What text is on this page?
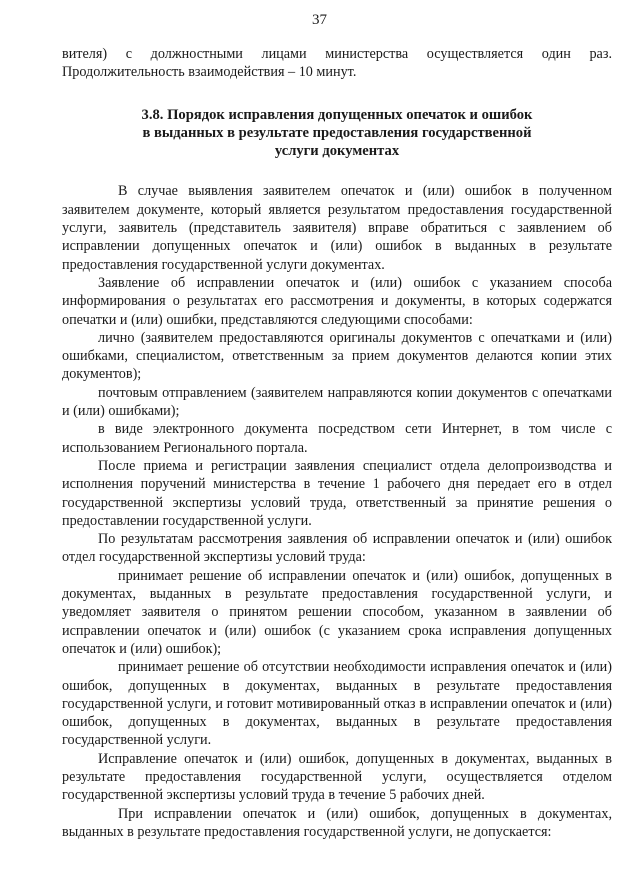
37

вителя) с должностными лицами министерства осуществляется один раз. Продолжительность взаимодействия – 10 минут.

3.8. Порядок исправления допущенных опечаток и ошибок
в выданных в результате предоставления государственной
услуги документах

В случае выявления заявителем опечаток и (или) ошибок в полученном заявителем документе, который является результатом предоставления государственной услуги, заявитель (представитель заявителя) вправе обратиться с заявлением об исправлении допущенных опечаток и (или) ошибок в выданных в результате предоставления государственной услуги документах.

Заявление об исправлении опечаток и (или) ошибок с указанием способа информирования о результатах его рассмотрения и документы, в которых содержатся опечатки и (или) ошибки, представляются следующими способами:

лично (заявителем предоставляются оригиналы документов с опечатками и (или) ошибками, специалистом, ответственным за прием документов делаются копии этих документов);

почтовым отправлением (заявителем направляются копии документов с опечатками и (или) ошибками);

в виде электронного документа посредством сети Интернет, в том числе с использованием Регионального портала.

После приема и регистрации заявления специалист отдела делопроизводства и исполнения поручений министерства в течение 1 рабочего дня передает его в отдел государственной экспертизы условий труда, ответственный за принятие решения о предоставлении государственной услуги.

По результатам рассмотрения заявления об исправлении опечаток и (или) ошибок отдел государственной экспертизы условий труда:

принимает решение об исправлении опечаток и (или) ошибок, допущенных в документах, выданных в результате предоставления государственной услуги, и уведомляет заявителя о принятом решении способом, указанном в заявлении об исправлении опечаток и (или) ошибок (с указанием срока исправления допущенных опечаток и (или) ошибок);

принимает решение об отсутствии необходимости исправления опечаток и (или) ошибок, допущенных в документах, выданных в результате предоставления государственной услуги, и готовит мотивированный отказ в исправлении опечаток и (или) ошибок, допущенных в документах, выданных в результате предоставления государственной услуги.

Исправление опечаток и (или) ошибок, допущенных в документах, выданных в результате предоставления государственной услуги, осуществляется отделом государственной экспертизы условий труда в течение 5 рабочих дней.

При исправлении опечаток и (или) ошибок, допущенных в документах, выданных в результате предоставления государственной услуги, не допускается:
